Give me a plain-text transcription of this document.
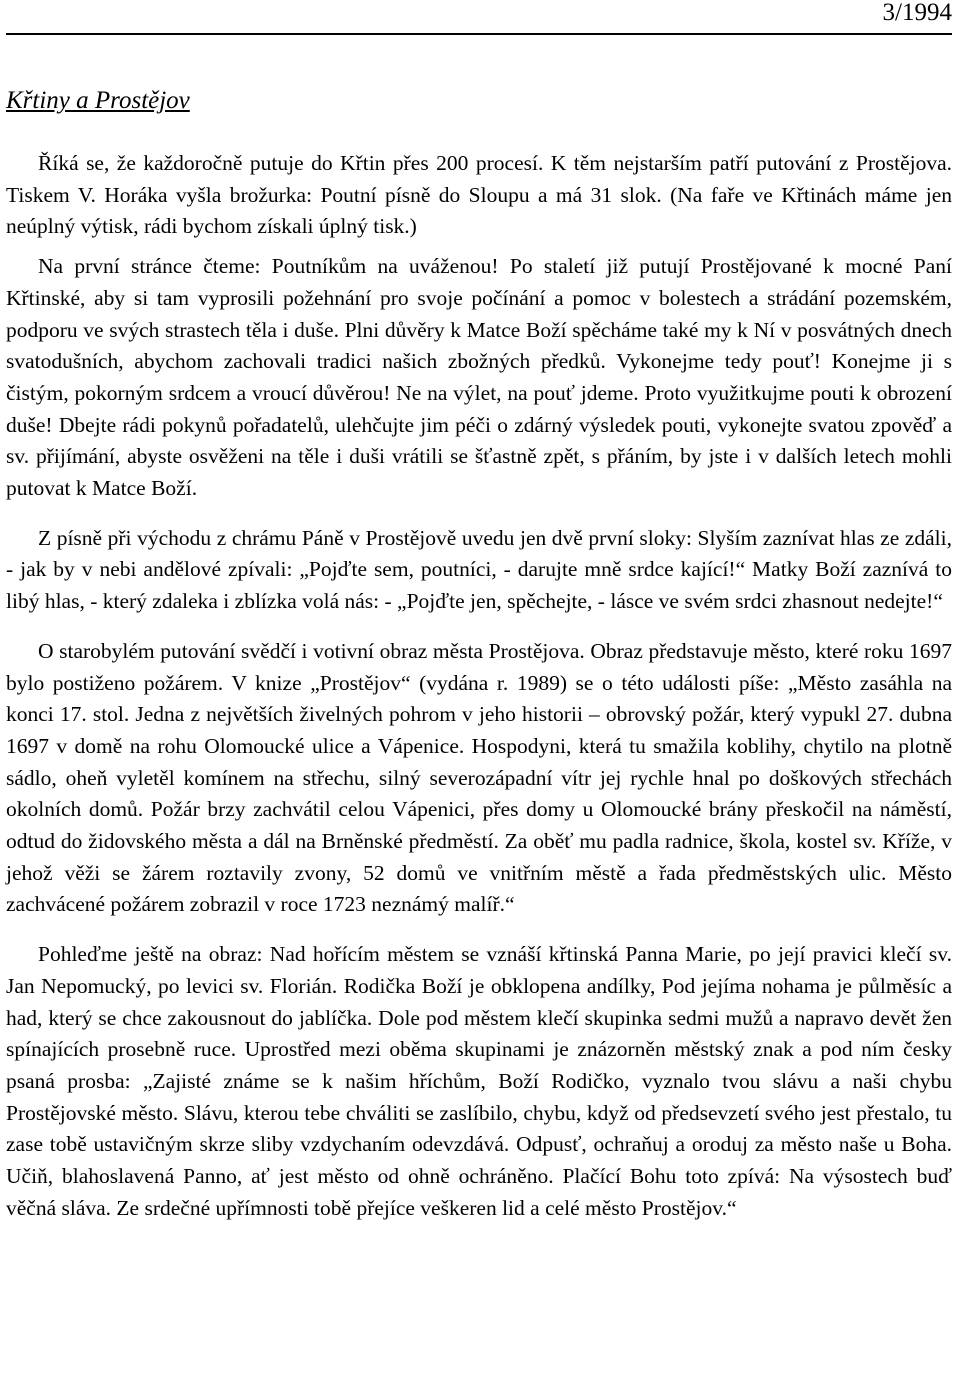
3/1994
Křtiny a Prostějov

Říká se, že každoročně putuje do Křtin přes 200 procesí. K těm nejstarším patří putování z Prostějova. Tiskem V. Horáka vyšla brožurka: Poutní písně do Sloupu a má 31 slok. (Na faře ve Křtinách máme jen neúplný výtisk, rádi bychom získali úplný tisk.)

Na první stránce čteme: Poutníkům na uváženou! Po staletí již putují Prostějované k mocné Paní Křtinské, aby si tam vyprosili požehnání pro svoje počínání a pomoc v bolestech a strádání pozemském, podporu ve svých strastech těla i duše. Plni důvěry k Matce Boží spěcháme také my k Ní v posvátných dnech svatodušních, abychom zachovali tradici našich zbožných předků. Vykonejme tedy pouť! Konejme ji s čistým, pokorným srdcem a vroucí důvěrou! Ne na výlet, na pouť jdeme. Proto využitkujme pouti k obrození duše! Dbejte rádi pokynů pořadatelů, ulehčujte jim péči o zdárný výsledek pouti, vykonejte svatou zpověď a sv. přijímání, abyste osvěženi na těle i duši vrátili se šťastně zpět, s přáním, by jste i v dalších letech mohli putovat k Matce Boží.

Z písně při východu z chrámu Páně v Prostějově uvedu jen dvě první sloky: Slyším zaznívat hlas ze zdáli, - jak by v nebi andělové zpívali: „Pojďte sem, poutníci, - darujte mně srdce kající!“ Matky Boží zaznívá to libý hlas, - který zdaleka i zblízka volá nás: - „Pojďte jen, spěchejte, - lásce ve svém srdci zhasnout nedejte!“

O starobylém putování svědčí i votivní obraz města Prostějova. Obraz představuje město, které roku 1697 bylo postiženo požárem. V knize „Prostějov“ (vydána r. 1989) se o této události píše: „Město zasáhla na konci 17. stol. Jedna z největších živelných pohrom v jeho historii – obrovský požár, který vypukl 27. dubna 1697 v domě na rohu Olomoucké ulice a Vápenice. Hospodyni, která tu smažila koblihy, chytilo na plotně sádlo, oheň vyletěl komínem na střechu, silný severozápadní vítr jej rychle hnal po doškových střechách okolních domů. Požár brzy zachvátil celou Vápenici, přes domy u Olomoucké brány přeskočil na náměstí, odtud do židovského města a dál na Brněnské předměstí. Za oběť mu padla radnice, škola, kostel sv. Kříže, v jehož věži se žárem roztavily zvony, 52 domů ve vnitřním městě a řada předměstských ulic. Město zachvácené požárem zobrazil v roce 1723 neznámý malíř.“

Pohleďme ještě na obraz: Nad hořícím městem se vznáší křtinská Panna Marie, po její pravici klečí sv. Jan Nepomucký, po levici sv. Florián. Rodička Boží je obklopena andílky, Pod jejíma nohama je půlměsíc a had, který se chce zakousnout do jablíčka. Dole pod městem klečí skupinka sedmi mužů a napravo devět žen spínajících prosebně ruce. Uprostřed mezi oběma skupinami je znázorněn městský znak a pod ním česky psaná prosba: „Zajisté známe se k našim hříchům, Boží Rodičko, vyznalo tvou slávu a naši chybu Prostějovské město. Slávu, kterou tebe chváliti se zaslíbilo, chybu, když od předsevzetí svého jest přestalo, tu zase tobě ustavičným skrze sliby vzdychaním odevzdává. Odpusť, ochraňuj a oroduj za město naše u Boha. Učiň, blahoslavená Panno, ať jest město od ohně ochráněno. Plačící Bohu toto zpívá: Na výsostech buď věčná sláva. Ze srdečné upřímnosti tobě přejíce veškeren lid a celé město Prostějov.“
